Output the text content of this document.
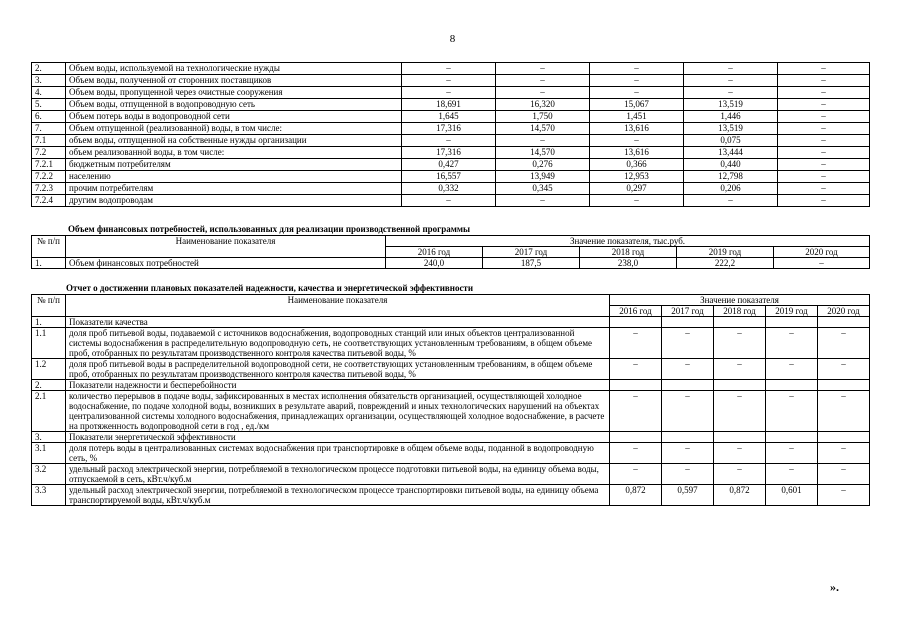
8
2.	Объем воды, используемой на технологические нужды	–	–	–	–	–
3.	Объем воды, полученной от сторонних поставщиков	–	–	–	–	–
4.	Объем воды, пропущенной через очистные сооружения	–	–	–	–	–
5.	Объем воды, отпущенной в водопроводную сеть	18,691	16,320	15,067	13,519	–
6.	Объем потерь воды в водопроводной сети	1,645	1,750	1,451	1,446	–
7.	Объем отпущенной (реализованной) воды, в том числе:	17,316	14,570	13,616	13,519	–
7.1	объем воды, отпущенной на собственные нужды организации	–	–	–	0,075	–
7.2	объем реализованной воды, в том числе:	17,316	14,570	13,616	13,444	–
7.2.1	бюджетным потребителям	0,427	0,276	0,366	0,440	–
7.2.2	населению	16,557	13,949	12,953	12,798	–
7.2.3	прочим потребителям	0,332	0,345	0,297	0,206	–
7.2.4	другим водопроводам	–	–	–	–	–
Объем финансовых потребностей, использованных для реализации производственной программы
№ п/п	Наименование показателя	Значение показателя, тыс.руб.				
		2016 год	2017 год	2018 год	2019 год	2020 год
1.	Объем финансовых потребностей	240,0	187,5	238,0	222,2	–
Отчет о достижении плановых показателей надежности, качества и энергетической эффективности
№ п/п	Наименование показателя	Значение показателя				
		2016 год	2017 год	2018 год	2019 год	2020 год
1.	Показатели качества					
1.1	доля проб питьевой воды, подаваемой с источников водоснабжения, водопроводных станций или иных объектов централизованной системы водоснабжения в распределительную водопроводную сеть, не соответствующих установленным требованиям, в общем объеме проб, отобранных по результатам производственного контроля качества питьевой воды, %	–	–	–	–	–
1.2	доля проб питьевой воды в распределительной водопроводной сети, не соответствующих установленным требованиям, в общем объеме проб, отобранных по результатам производственного контроля качества питьевой воды, %	–	–	–	–	–
2.	Показатели надежности и бесперебойности					
2.1	количество перерывов в подаче воды, зафиксированных в местах исполнения обязательств организацией, осуществляющей холодное водоснабжение, по подаче холодной воды, возникших в результате аварий, повреждений и иных технологических нарушений на объектах централизованной системы холодного водоснабжения, принадлежащих организации, осуществляющей холодное водоснабжение, в расчете на протяженность водопроводной сети в год , ед./км	–	–	–	–	–
3.	Показатели энергетической эффективности					
3.1	доля потерь воды в централизованных системах водоснабжения при транспортировке в общем объеме воды, поданной в водопроводную сеть, %	–	–	–	–	–
3.2	удельный расход электрической энергии, потребляемой в технологическом процессе подготовки питьевой воды, на единицу объема воды, отпускаемой в сеть, кВт.ч/куб.м	–	–	–	–	–
3.3	удельный расход электрической энергии, потребляемой в технологическом процессе транспортировки питьевой воды, на единицу объема транспортируемой воды, кВт.ч/куб.м	0,872	0,597	0,872	0,601	–
».
